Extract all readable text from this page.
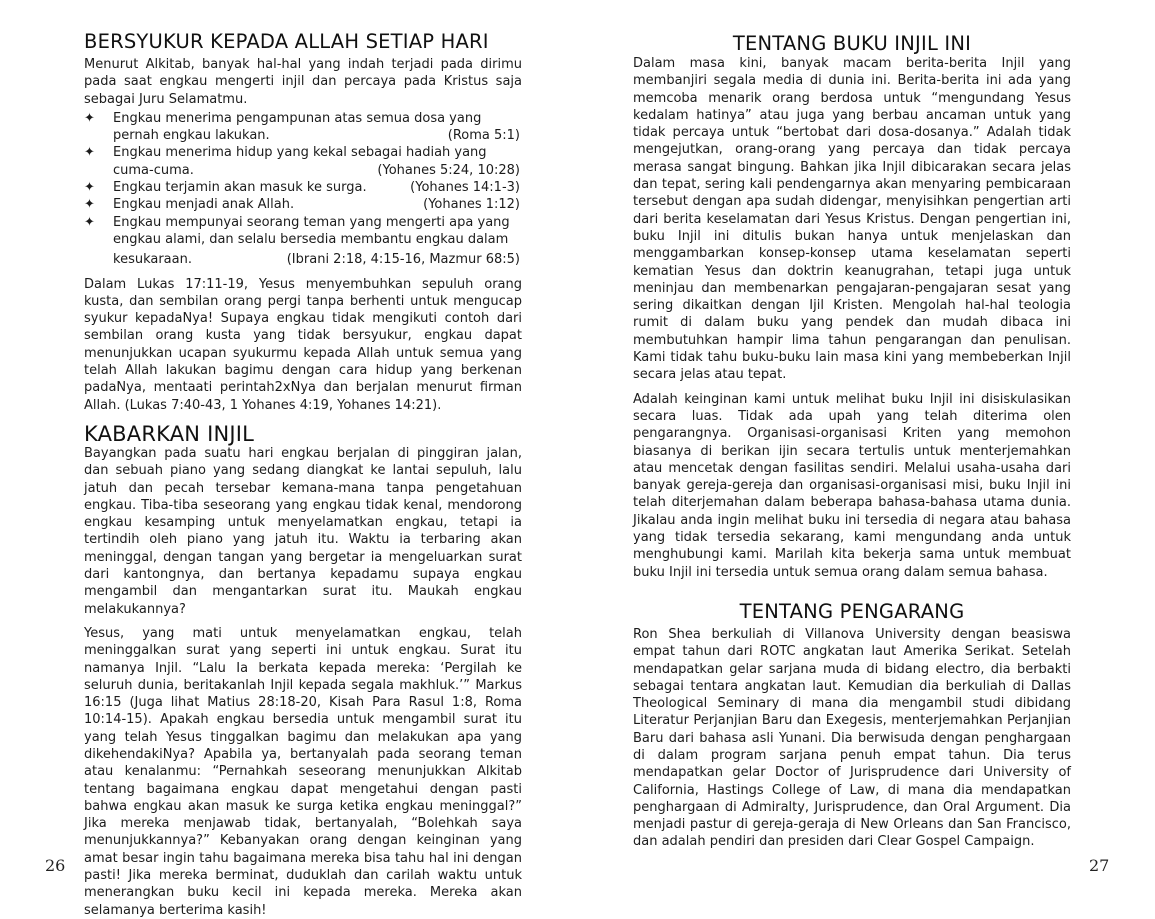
BERSYUKUR KEPADA ALLAH SETIAP HARI

Menurut Alkitab, banyak hal-hal yang indah terjadi pada dirimu pada saat engkau mengerti injil dan percaya pada Kristus saja sebagai Juru Selamatmu.

✦ Engkau menerima pengampunan atas semua dosa yang
pernah engkau lakukan.	(Roma 5:1)
✦ Engkau menerima hidup yang kekal sebagai hadiah yang
cuma-cuma.	(Yohanes 5:24, 10:28)
✦ Engkau terjamin akan masuk ke surga.	(Yohanes 14:1-3)
✦ Engkau menjadi anak Allah.	(Yohanes 1:12)
✦ Engkau mempunyai seorang teman yang mengerti apa yang engkau alami, dan selalu bersedia membantu engkau dalam
kesukaraan.	(Ibrani 2:18, 4:15-16, Mazmur 68:5)

Dalam Lukas 17:11-19, Yesus menyembuhkan sepuluh orang kusta, dan sembilan orang pergi tanpa berhenti untuk mengucap syukur kepadaNya! Supaya engkau tidak mengikuti contoh dari sembilan orang kusta yang tidak bersyukur, engkau dapat menunjukkan ucapan syukurmu kepada Allah untuk semua yang telah Allah lakukan bagimu dengan cara hidup yang berkenan padaNya, mentaati perintah2xNya dan berjalan menurut firman Allah. (Lukas 7:40-43, 1 Yohanes 4:19, Yohanes 14:21).

KABARKAN INJIL

Bayangkan pada suatu hari engkau berjalan di pinggiran jalan, dan sebuah piano yang sedang diangkat ke lantai sepuluh, lalu jatuh dan pecah tersebar kemana-mana tanpa pengetahuan engkau. Tiba-tiba seseorang yang engkau tidak kenal, mendorong engkau kesamping untuk menyelamatkan engkau, tetapi ia tertindih oleh piano yang jatuh itu. Waktu ia terbaring akan meninggal, dengan tangan yang bergetar ia mengeluarkan surat dari kantongnya, dan bertanya kepadamu supaya engkau mengambil dan mengantarkan surat itu. Maukah engkau melakukannya?

Yesus, yang mati untuk menyelamatkan engkau, telah meninggalkan surat yang seperti ini untuk engkau. Surat itu namanya Injil. “Lalu Ia berkata kepada mereka: ‘Pergilah ke seluruh dunia, beritakanlah Injil kepada segala makhluk.’” Markus 16:15 (Juga lihat Matius 28:18-20, Kisah Para Rasul 1:8, Roma 10:14-15). Apakah engkau bersedia untuk mengambil surat itu yang telah Yesus tinggalkan bagimu dan melakukan apa yang dikehendakiNya? Apabila ya, bertanyalah pada seorang teman atau kenalanmu: “Pernahkah seseorang menunjukkan Alkitab tentang bagaimana engkau dapat mengetahui dengan pasti bahwa engkau akan masuk ke surga ketika engkau meninggal?” Jika mereka menjawab tidak, bertanyalah, “Bolehkah saya menunjukkannya?” Kebanyakan orang dengan keinginan yang amat besar ingin tahu bagaimana mereka bisa tahu hal ini dengan pasti! Jika mereka berminat, duduklah dan carilah waktu untuk menerangkan buku kecil ini kepada mereka. Mereka akan selamanya berterima kasih!

26
TENTANG BUKU INJIL INI

Dalam masa kini, banyak macam berita-berita Injil yang membanjiri segala media di dunia ini. Berita-berita ini ada yang memcoba menarik orang berdosa untuk “mengundang Yesus kedalam hatinya” atau juga yang berbau ancaman untuk yang tidak percaya untuk “bertobat dari dosa-dosanya.” Adalah tidak mengejutkan, orang-orang yang percaya dan tidak percaya merasa sangat bingung. Bahkan jika Injil dibicarakan secara jelas dan tepat, sering kali pendengarnya akan menyaring pembicaraan tersebut dengan apa sudah didengar, menyisihkan pengertian arti dari berita keselamatan dari Yesus Kristus. Dengan pengertian ini, buku Injil ini ditulis bukan hanya untuk menjelaskan dan menggambarkan konsep-konsep utama keselamatan seperti kematian Yesus dan doktrin keanugrahan, tetapi juga untuk meninjau dan membenarkan pengajaran-pengajaran sesat yang sering dikaitkan dengan Ijil Kristen. Mengolah hal-hal teologia rumit di dalam buku yang pendek dan mudah dibaca ini membutuhkan hampir lima tahun pengarangan dan penulisan. Kami tidak tahu buku-buku lain masa kini yang membeberkan Injil secara jelas atau tepat.

Adalah keinginan kami untuk melihat buku Injil ini disiskulasikan secara luas. Tidak ada upah yang telah diterima olen pengarangnya. Organisasi-organisasi Kriten yang memohon biasanya di berikan ijin secara tertulis untuk menterjemahkan atau mencetak dengan fasilitas sendiri. Melalui usaha-usaha dari banyak gereja-gereja dan organisasi-organisasi misi, buku Injil ini telah diterjemahan dalam beberapa bahasa-bahasa utama dunia. Jikalau anda ingin melihat buku ini tersedia di negara atau bahasa yang tidak tersedia sekarang, kami mengundang anda untuk menghubungi kami. Marilah kita bekerja sama untuk membuat buku Injil ini tersedia untuk semua orang dalam semua bahasa.

TENTANG PENGARANG

Ron Shea berkuliah di Villanova University dengan beasiswa empat tahun dari ROTC angkatan laut Amerika Serikat. Setelah mendapatkan gelar sarjana muda di bidang electro, dia berbakti sebagai tentara angkatan laut. Kemudian dia berkuliah di Dallas Theological Seminary di mana dia mengambil studi dibidang Literatur Perjanjian Baru dan Exegesis, menterjemahkan Perjanjian Baru dari bahasa asli Yunani. Dia berwisuda dengan penghargaan di dalam program sarjana penuh empat tahun. Dia terus mendapatkan gelar Doctor of Jurisprudence dari University of California, Hastings College of Law, di mana dia mendapatkan penghargaan di Admiralty, Jurisprudence, dan Oral Argument. Dia menjadi pastur di gereja-geraja di New Orleans dan San Francisco, dan adalah pendiri dan presiden dari Clear Gospel Campaign.

27
